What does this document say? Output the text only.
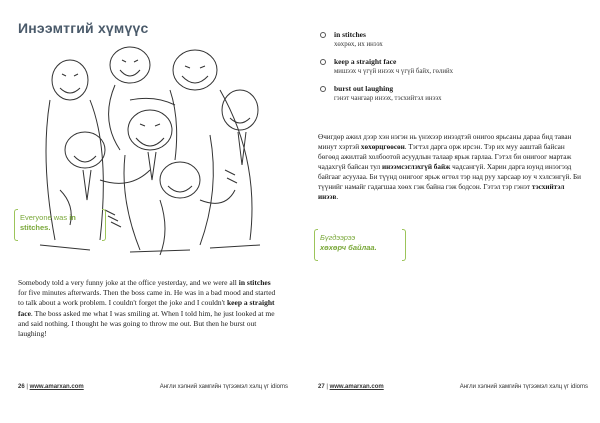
Инээмтгий хүмүүс
Everyone was in
stitches.
Somebody told a very funny joke at the office yesterday, and we were all in stitches for five minutes afterwards. Then the boss came in. He was in a bad mood and started to talk about a work problem. I couldn't forget the joke and I couldn't keep a straight face. The boss asked me what I was smiling at. When I told him, he just looked at me and said nothing. I thought he was going to throw me out. But then he burst out laughing!
26 | www.amarxan.com	Англи хэлний хамгийн түгээмэл хэлц үг idioms
in stitches
хөхрөх, их инээх
keep a straight face
мишээх ч үгүй инээх ч үгүй байх, гөлийх
burst out laughing
гэнэт чангаар инээх, тэсхийтэл инээх
Өчигдөр ажил дээр хэн нэгэн нь үнэхээр инээдтэй онигоо ярьсаны дараа бид таван минут хэртэй хөхөрцгөөсөн. Тэгтэл дарга орж ирсэн. Тэр их муу ааштай байсан бөгөөд ажилтай холбоотой асуудлын талаар ярьж гарлаа. Гэтэл би онигоог мартаж чадахгүй байсан тул инээмсэглэхгүй байж чадсангүй. Харин дарга юунд инээгээд байгааг асуулаа. Би түүнд онигоог ярьж өгтөл тэр над руу харсаар юу ч хэлсэнгүй. Би түүнийг намайг гадагшаа хөөх гэж байна гэж бодсон. Гэтэл тэр гэнэт тэсхийтэл инээв.
Бүгдээрээ
хөхөрч байлаа.
27 | www.amarxan.com	Англи хэлний хамгийн түгээмэл хэлц үг idioms
